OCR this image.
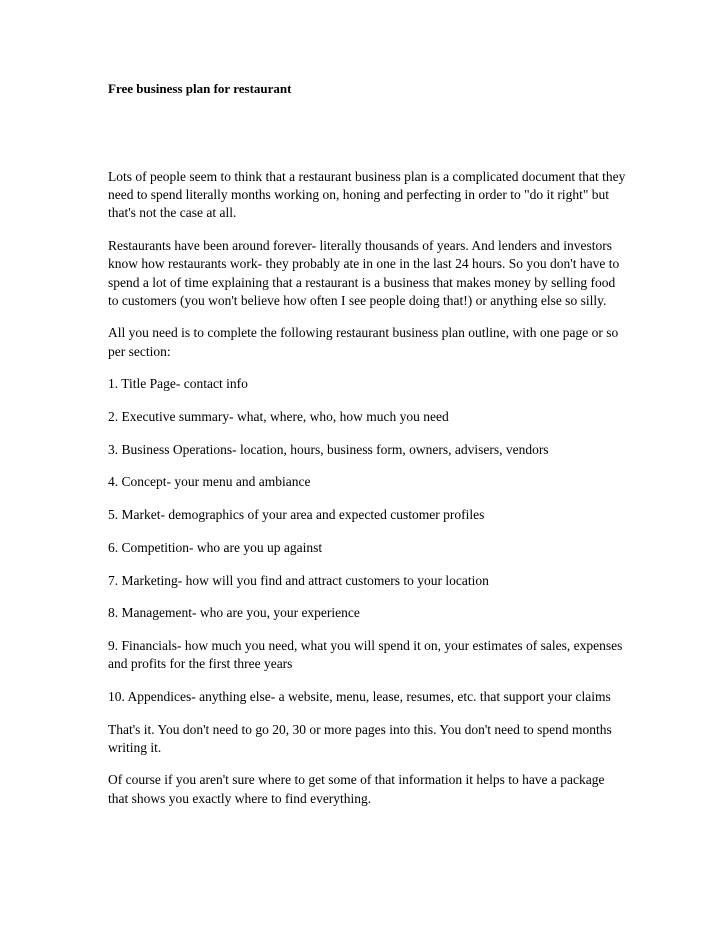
Free business plan for restaurant

Lots of people seem to think that a restaurant business plan is a complicated document that they need to spend literally months working on, honing and perfecting in order to "do it right" but that's not the case at all.

Restaurants have been around forever- literally thousands of years. And lenders and investors know how restaurants work- they probably ate in one in the last 24 hours. So you don't have to spend a lot of time explaining that a restaurant is a business that makes money by selling food to customers (you won't believe how often I see people doing that!) or anything else so silly.

All you need is to complete the following restaurant business plan outline, with one page or so per section:

1. Title Page- contact info

2. Executive summary- what, where, who, how much you need

3. Business Operations- location, hours, business form, owners, advisers, vendors

4. Concept- your menu and ambiance

5. Market- demographics of your area and expected customer profiles

6. Competition- who are you up against

7. Marketing- how will you find and attract customers to your location

8. Management- who are you, your experience

9. Financials- how much you need, what you will spend it on, your estimates of sales, expenses and profits for the first three years

10. Appendices- anything else- a website, menu, lease, resumes, etc. that support your claims

That's it. You don't need to go 20, 30 or more pages into this. You don't need to spend months writing it.

Of course if you aren't sure where to get some of that information it helps to have a package that shows you exactly where to find everything.
